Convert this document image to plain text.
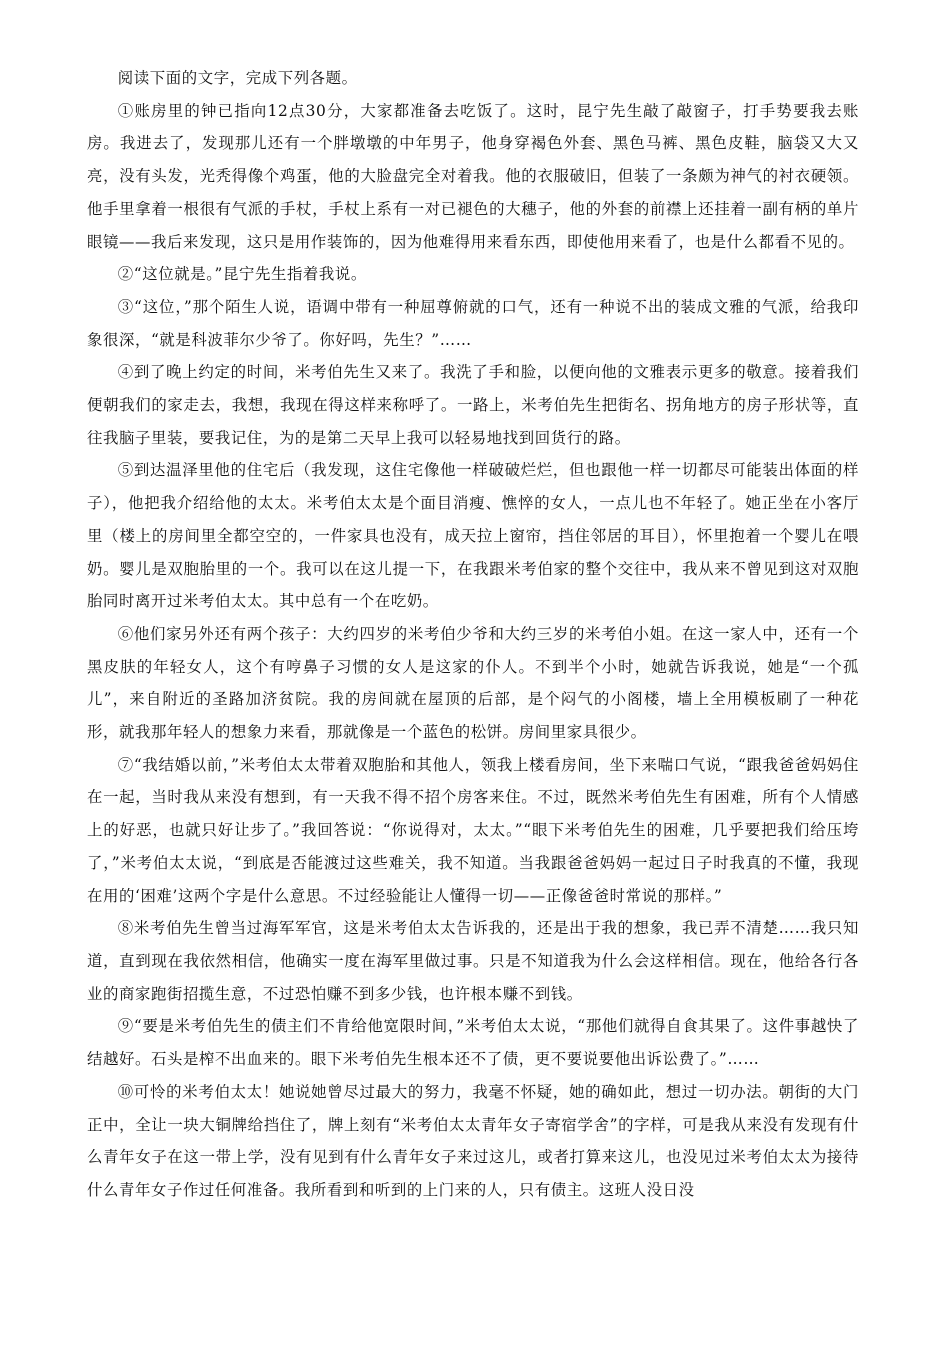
阅读下面的文字，完成下列各题。

①账房里的钟已指向12点30分，大家都准备去吃饭了。这时，昆宁先生敲了敲窗子，打手势要我去账房。我进去了，发现那儿还有一个胖墩墩的中年男子，他身穿褐色外套、黑色马裤、黑色皮鞋，脑袋又大又亮，没有头发，光秃得像个鸡蛋，他的大脸盘完全对着我。他的衣服破旧，但装了一条颇为神气的衬衣硬领。他手里拿着一根很有气派的手杖，手杖上系有一对已褪色的大穗子，他的外套的前襟上还挂着一副有柄的单片眼镜——我后来发现，这只是用作装饰的，因为他难得用来看东西，即使他用来看了，也是什么都看不见的。

②“这位就是。”昆宁先生指着我说。

③“这位，”那个陌生人说，语调中带有一种屈尊俯就的口气，还有一种说不出的装成文雅的气派，给我印象很深，“就是科波菲尔少爷了。你好吗，先生？”……

④到了晚上约定的时间，米考伯先生又来了。我洗了手和脸，以便向他的文雅表示更多的敬意。接着我们便朝我们的家走去，我想，我现在得这样来称呼了。一路上，米考伯先生把街名、拐角地方的房子形状等，直往我脑子里装，要我记住，为的是第二天早上我可以轻易地找到回货行的路。

⑤到达温泽里他的住宅后（我发现，这住宅像他一样破破烂烂，但也跟他一样一切都尽可能装出体面的样子），他把我介绍给他的太太。米考伯太太是个面目消瘦、憔悴的女人，一点儿也不年轻了。她正坐在小客厅里（楼上的房间里全都空空的，一件家具也没有，成天拉上窗帘，挡住邻居的耳目），怀里抱着一个婴儿在喂奶。婴儿是双胞胎里的一个。我可以在这儿提一下，在我跟米考伯家的整个交往中，我从来不曾见到这对双胞胎同时离开过米考伯太太。其中总有一个在吃奶。

⑥他们家另外还有两个孩子：大约四岁的米考伯少爷和大约三岁的米考伯小姐。在这一家人中，还有一个黑皮肤的年轻女人，这个有哼鼻子习惯的女人是这家的仆人。不到半个小时，她就告诉我说，她是“一个孤儿”，来自附近的圣路加济贫院。我的房间就在屋顶的后部，是个闷气的小阁楼，墙上全用模板刷了一种花形，就我那年轻人的想象力来看，那就像是一个蓝色的松饼。房间里家具很少。

⑦“我结婚以前，”米考伯太太带着双胞胎和其他人，领我上楼看房间，坐下来喘口气说，“跟我爸爸妈妈住在一起，当时我从来没有想到，有一天我不得不招个房客来住。不过，既然米考伯先生有困难，所有个人情感上的好恶，也就只好让步了。”我回答说：“你说得对，太太。”“眼下米考伯先生的困难，几乎要把我们给压垮了，”米考伯太太说，“到底是否能渡过这些难关，我不知道。当我跟爸爸妈妈一起过日子时我真的不懂，我现在用的‘困难’这两个字是什么意思。不过经验能让人懂得一切——正像爸爸时常说的那样。”

⑧米考伯先生曾当过海军军官，这是米考伯太太告诉我的，还是出于我的想象，我已弄不清楚……我只知道，直到现在我依然相信，他确实一度在海军里做过事。只是不知道我为什么会这样相信。现在，他给各行各业的商家跑街招揽生意，不过恐怕赚不到多少钱，也许根本赚不到钱。

⑨“要是米考伯先生的债主们不肯给他宽限时间，”米考伯太太说，“那他们就得自食其果了。这件事越快了结越好。石头是榨不出血来的。眼下米考伯先生根本还不了债，更不要说要他出诉讼费了。”……

⑩可怜的米考伯太太！她说她曾尽过最大的努力，我毫不怀疑，她的确如此，想过一切办法。朝街的大门正中，全让一块大铜牌给挡住了，牌上刻有“米考伯太太青年女子寄宿学舍”的字样，可是我从来没有发现有什么青年女子在这一带上学，没有见到有什么青年女子来过这儿，或者打算来这儿，也没见过米考伯太太为接待什么青年女子作过任何准备。我所看到和听到的上门来的人，只有债主。这班人没日没
